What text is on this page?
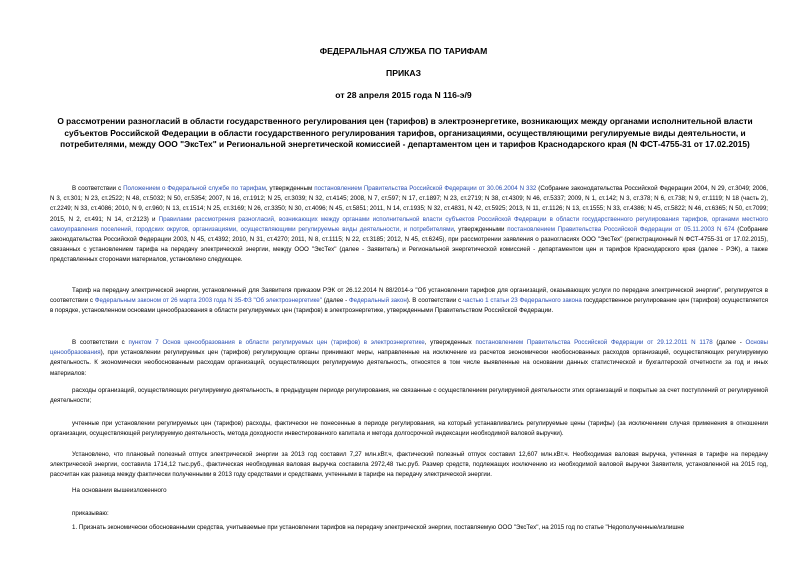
ФЕДЕРАЛЬНАЯ СЛУЖБА ПО ТАРИФАМ
ПРИКАЗ
от 28 апреля 2015 года N 116-э/9
О рассмотрении разногласий в области государственного регулирования цен (тарифов) в электроэнергетике, возникающих между органами исполнительной власти субъектов Российской Федерации в области государственного регулирования тарифов, организациями, осуществляющими регулируемые виды деятельности, и потребителями, между ООО "ЭксТех" и Региональной энергетической комиссией - департаментом цен и тарифов Краснодарского края (N ФСТ-4755-31 от 17.02.2015)
В соответствии с Положением о Федеральной службе по тарифам, утвержденным постановлением Правительства Российской Федерации от 30.06.2004 N 332 (Собрание законодательства Российской Федерации 2004, N 29, ст.3049; 2006, N 3, ст.301; N 23, ст.2522; N 48, ст.5032; N 50, ст.5354; 2007, N 16, ст.1912; N 25, ст.3039; N 32, ст.4145; 2008, N 7, ст.597; N 17, ст.1897; N 23, ст.2719; N 38, ст.4309; N 46, ст.5337; 2009, N 1, ст.142; N 3, ст.378; N 6, ст.738; N 9, ст.1119; N 18 (часть 2), ст.2249; N 33, ст.4086; 2010, N 9, ст.960; N 13, ст.1514; N 25, ст.3169; N 26, ст.3350; N 30, ст.4096; N 45, ст.5851; 2011, N 14, ст.1935; N 32, ст.4831, N 42, ст.5925; 2013, N 11, ст.1126; N 13, ст.1555; N 33, ст.4386; N 45, ст.5822; N 46, ст.6365; N 50, ст.7099; 2015, N 2, ст.491; N 14, ст.2123) и Правилами рассмотрения разногласий, возникающих между органами исполнительной власти субъектов Российской Федерации в области государственного регулирования тарифов, органами местного самоуправления поселений, городских округов, организациями, осуществляющими регулируемые виды деятельности, и потребителями, утвержденными постановлением Правительства Российской Федерации от 05.11.2003 N 674 (Собрание законодательства Российской Федерации 2003, N 45, ст.4392; 2010, N 31, ст.4270; 2011, N 8, ст.1115; N 22, ст.3185; 2012, N 45, ст.6245), при рассмотрении заявления о разногласиях ООО "ЭксТех" (регистрационный N ФСТ-4755-31 от 17.02.2015), связанных с установлением тарифа на передачу электрической энергии, между ООО "ЭксТех" (далее - Заявитель) и Региональной энергетической комиссией - департаментом цен и тарифов Краснодарского края (далее - РЭК), а также представленных сторонами материалов, установлено следующее.
Тариф на передачу электрической энергии, установленный для Заявителя приказом РЭК от 26.12.2014 N 88/2014-э "Об установлении тарифов для организаций, оказывающих услуги по передаче электрической энергии", регулируется в соответствии с Федеральным законом от 26 марта 2003 года N 35-ФЗ "Об электроэнергетике" (далее - Федеральный закон). В соответствии с частью 1 статьи 23 Федерального закона государственное регулирование цен (тарифов) осуществляется в порядке, установленном основами ценообразования в области регулируемых цен (тарифов) в электроэнергетике, утвержденными Правительством Российской Федерации.
В соответствии с пунктом 7 Основ ценообразования в области регулируемых цен (тарифов) в электроэнергетике, утвержденных постановлением Правительства Российской Федерации от 29.12.2011 N 1178 (далее - Основы ценообразования), при установлении регулируемых цен (тарифов) регулирующие органы принимают меры, направленные на исключение из расчетов экономически необоснованных расходов организаций, осуществляющих регулируемую деятельность. К экономически необоснованным расходам организаций, осуществляющих регулируемую деятельность, относятся в том числе выявленные на основании данных статистической и бухгалтерской отчетности за год и иных материалов:
расходы организаций, осуществляющих регулируемую деятельность, в предыдущем периоде регулирования, не связанные с осуществлением регулируемой деятельности этих организаций и покрытые за счет поступлений от регулируемой деятельности;
учтенные при установлении регулируемых цен (тарифов) расходы, фактически не понесенные в периоде регулирования, на который устанавливались регулируемые цены (тарифы) (за исключением случая применения в отношении организации, осуществляющей регулируемую деятельность, метода доходности инвестированного капитала и метода долгосрочной индексации необходимой валовой выручки).
Установлено, что плановый полезный отпуск электрической энергии за 2013 год составил 7,27 млн.кВт.ч, фактический полезный отпуск составил 12,607 млн.кВт.ч. Необходимая валовая выручка, учтенная в тарифе на передачу электрической энергии, составила 1714,12 тыс.руб., фактическая необходимая валовая выручка составила 2972,48 тыс.руб. Размер средств, подлежащих исключению из необходимой валовой выручки Заявителя, установленной на 2015 год, рассчитан как разница между фактически полученными в 2013 году средствами и средствами, учтенными в тарифе на передачу электрической энергии.
На основании вышеизложенного
приказываю:
1. Признать экономически обоснованными средства, учитываемые при установлении тарифов на передачу электрической энергии, поставляемую ООО "ЭксТех", на 2015 год по статье "Недополученные/излишне
